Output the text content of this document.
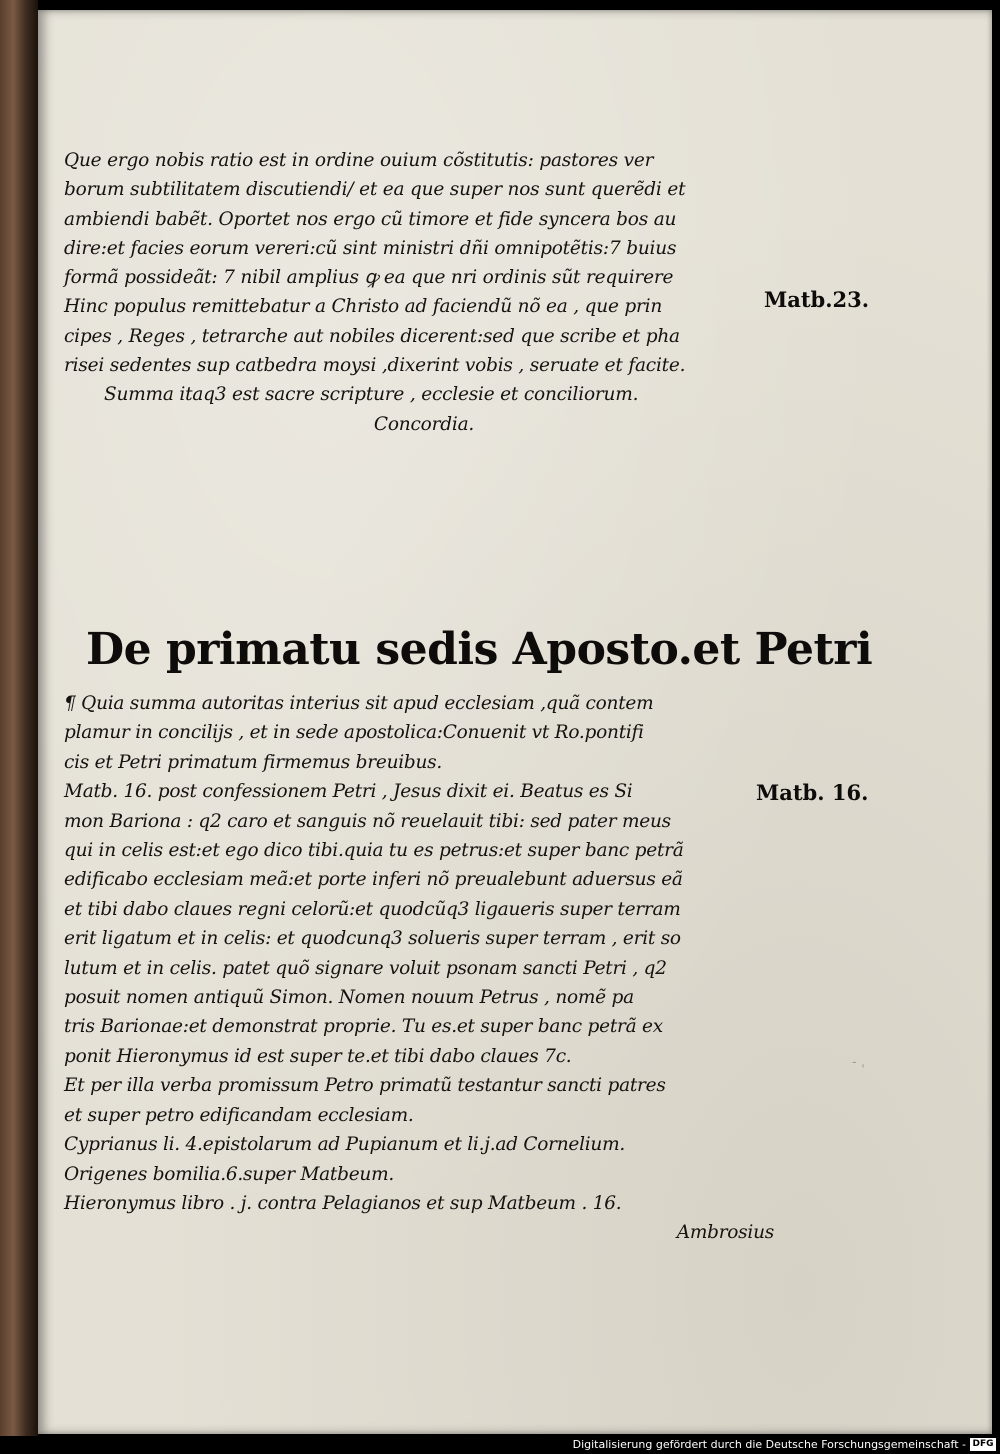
Que ergo nobis ratio est in ordine ouium cõstitutis: pastores ver
borum subtilitatem discutiendi/ et ea que super nos sunt querẽdi et
ambiendi babẽt. Oportet nos ergo cũ timore et fide syncera bos au
dire:et facies eorum vereri:cũ sint ministri dñi omnipotẽtis:7 buius
formã possideãt: 7 nibil amplius ꝙ ea que nri ordinis sũt requirere
Hinc populus remittebatur a Christo ad faciendũ nõ ea , que prin
cipes , Reges , tetrarche aut nobiles dicerent:sed que scribe et pha
risei sedentes sup catbedra moysi ,dixerint vobis , seruate et facite.
Summa itaq3 est sacre scripture , ecclesie et conciliorum.
Concordia.

Matb.23.
De primatu sedis Aposto.et Petri
¶ Quia summa autoritas interius sit apud ecclesiam ,quã contem
plamur in concilijs , et in sede apostolica:Conuenit vt Ro.pontifi
cis et Petri primatum firmemus breuibus.
Matb. 16. post confessionem Petri , Jesus dixit ei. Beatus es Si
mon Bariona : q2 caro et sanguis nõ reuelauit tibi: sed pater meus
qui in celis est:et ego dico tibi.quia tu es petrus:et super banc petrã
edificabo ecclesiam meã:et porte inferi nõ preualebunt aduersus eã
et tibi dabo claues regni celorũ:et quodcũq3 ligaueris super terram
erit ligatum et in celis: et quodcunq3 solueris super terram , erit so
lutum et in celis. patet quõ signare voluit psonam sancti Petri , q2
posuit nomen antiquũ Simon. Nomen nouum Petrus , nomẽ pa
tris Barionae:et demonstrat proprie. Tu es.et super banc petrã ex
ponit Hieronymus id est super te.et tibi dabo claues 7c.
Et per illa verba promissum Petro primatũ testantur sancti patres
et super petro edificandam ecclesiam.
Cyprianus li. 4.epistolarum ad Pupianum et li.j.ad Cornelium.
Origenes bomilia.6.super Matbeum.
Hieronymus libro . j. contra Pelagianos et sup Matbeum . 16.
Ambrosius
Matb. 16.
‐ ˌ
Digitalisierung gefördert durch die Deutsche Forschungsgemeinschaft - DFG
